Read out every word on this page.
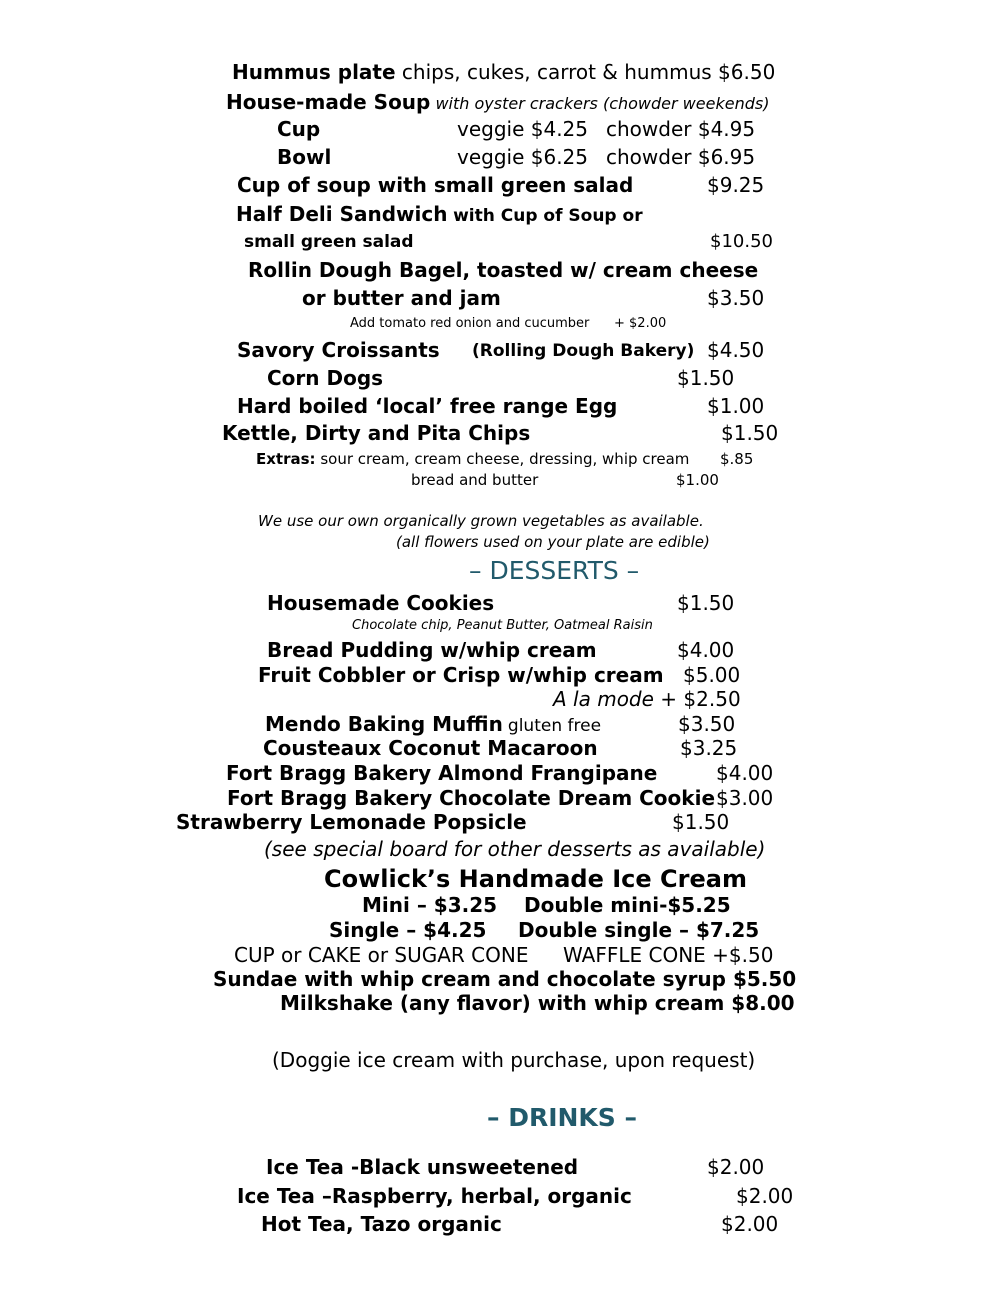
Hummus plate chips, cukes, carrot & hummus $6.50
House-made Soup with oyster crackers (chowder weekends)
Cup	veggie $4.25 chowder $4.95
Bowl	veggie $6.25 chowder $6.95
Cup of soup with small green salad	$9.25
Half Deli Sandwich with Cup of Soup or
small green salad	$10.50
Rollin Dough Bagel, toasted w/ cream cheese
or butter and jam	$3.50
Add tomato red onion and cucumber + $2.00
Savory Croissants (Rolling Dough Bakery) $4.50
Corn Dogs	$1.50
Hard boiled ‘local’ free range Egg	$1.00
Kettle, Dirty and Pita Chips	$1.50
Extras: sour cream, cream cheese, dressing, whip cream $.85
bread and butter	$1.00
We use our own organically grown vegetables as available.
(all flowers used on your plate are edible)
– DESSERTS –
Housemade Cookies	$1.50
Chocolate chip, Peanut Butter, Oatmeal Raisin
Bread Pudding w/whip cream	$4.00
Fruit Cobbler or Crisp w/whip cream $5.00
A la mode + $2.50
Mendo Baking Muffin gluten free	$3.50
Cousteaux Coconut Macaroon	$3.25
Fort Bragg Bakery Almond Frangipane	$4.00
Fort Bragg Bakery Chocolate Dream Cookie $3.00
Strawberry Lemonade Popsicle	$1.50
(see special board for other desserts as available)
Cowlick’s Handmade Ice Cream
Mini – $3.25 Double mini-$5.25
Single – $4.25 Double single – $7.25
CUP or CAKE or SUGAR CONE WAFFLE CONE +$.50
Sundae with whip cream and chocolate syrup $5.50
Milkshake (any flavor) with whip cream $8.00
(Doggie ice cream with purchase, upon request)
– DRINKS –
Ice Tea -Black unsweetened	$2.00
Ice Tea –Raspberry, herbal, organic	$2.00
Hot Tea, Tazo organic	$2.00
